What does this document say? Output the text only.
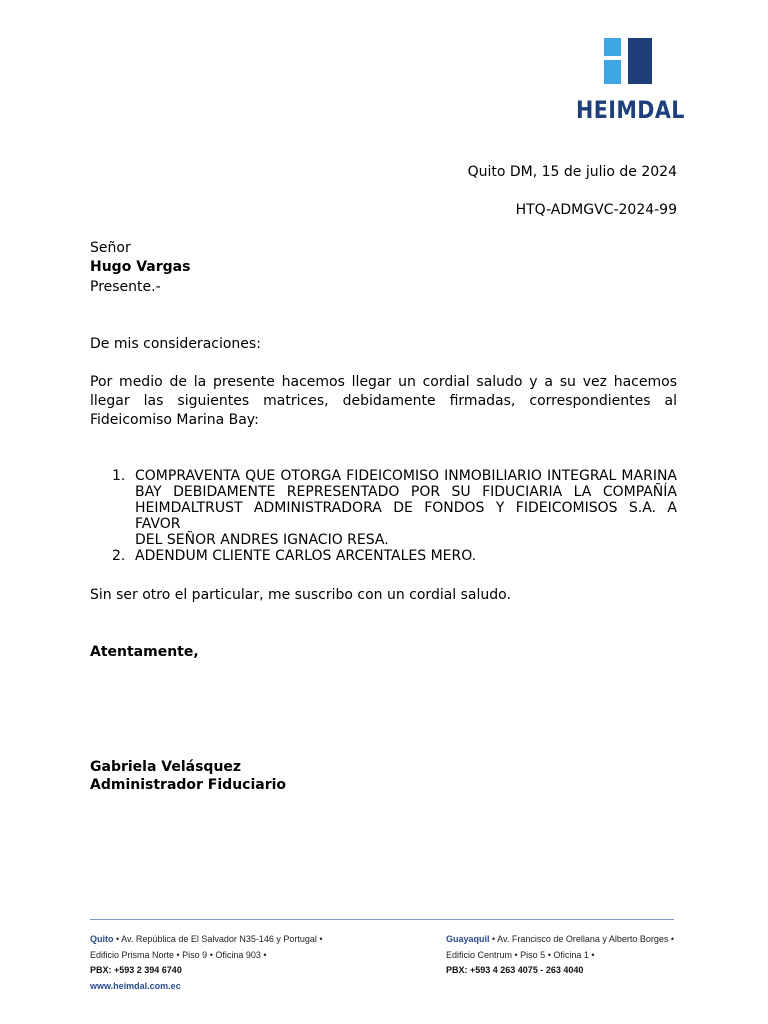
HEIMDAL
Quito DM, 15 de julio de 2024
HTQ-ADMGVC-2024-99
Señor
Hugo Vargas
Presente.-
De mis consideraciones:
Por medio de la presente hacemos llegar un cordial saludo y a su vez hacemos
llegar las siguientes matrices, debidamente firmadas, correspondientes al
Fideicomiso Marina Bay:
1. COMPRAVENTA QUE OTORGA FIDEICOMISO INMOBILIARIO INTEGRAL MARINA
BAY DEBIDAMENTE REPRESENTADO POR SU FIDUCIARIA LA COMPAÑÍA
HEIMDALTRUST ADMINISTRADORA DE FONDOS Y FIDEICOMISOS S.A. A FAVOR
DEL SEÑOR ANDRES IGNACIO RESA.
2. ADENDUM CLIENTE CARLOS ARCENTALES MERO.
Sin ser otro el particular, me suscribo con un cordial saludo.
Atentamente,
Gabriela Velásquez
Administrador Fiduciario
Quito • Av. República de El Salvador N35-146 y Portugal •
Edificio Prisma Norte • Piso 9 • Oficina 903 •
PBX: +593 2 394 6740
www.heimdal.com.ec
Guayaquil • Av. Francisco de Orellana y Alberto Borges •
Edificio Centrum • Piso 5 • Oficina 1 •
PBX: +593 4 263 4075 - 263 4040
